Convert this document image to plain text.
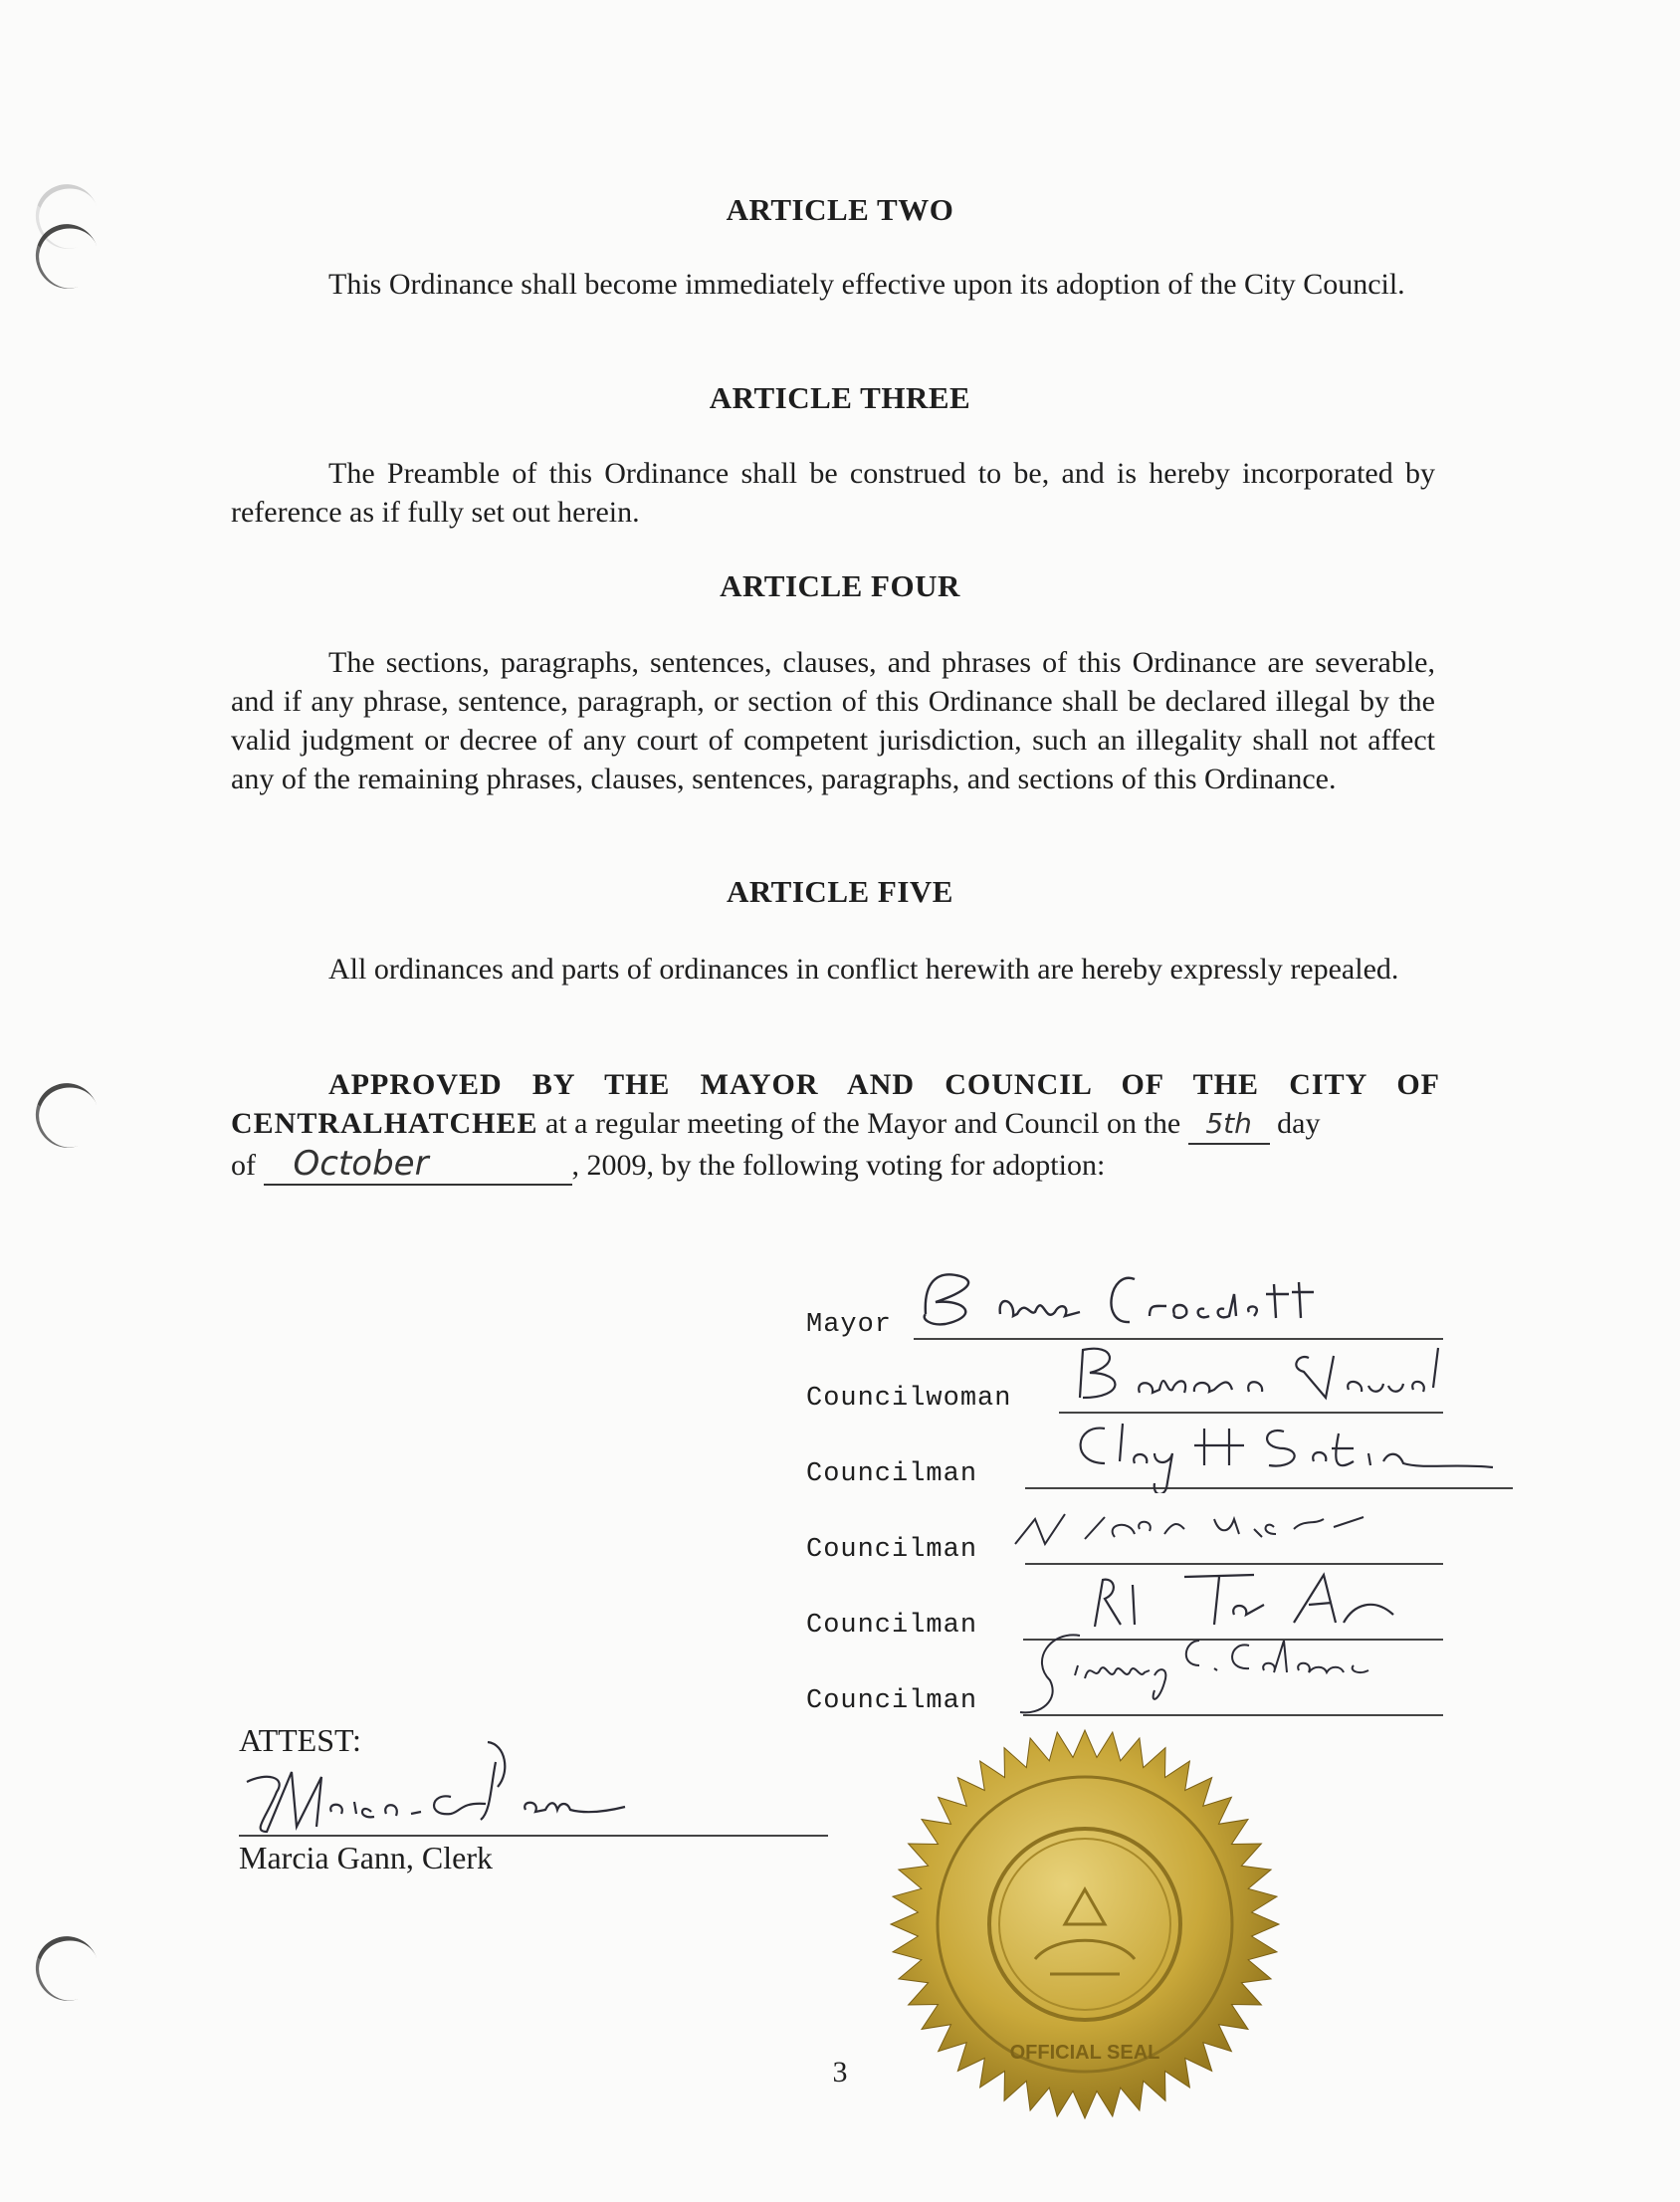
ARTICLE TWO
This Ordinance shall become immediately effective upon its adoption of the City Council.
ARTICLE THREE
The Preamble of this Ordinance shall be construed to be, and is hereby incorporated by reference as if fully set out herein.
ARTICLE FOUR
The sections, paragraphs, sentences, clauses, and phrases of this Ordinance are severable, and if any phrase, sentence, paragraph, or section of this Ordinance shall be declared illegal by the valid judgment or decree of any court of competent jurisdiction, such an illegality shall not affect any of the remaining phrases, clauses, sentences, paragraphs, and sections of this Ordinance.
ARTICLE FIVE
All ordinances and parts of ordinances in conflict herewith are hereby expressly repealed.
APPROVED BY THE MAYOR AND COUNCIL OF THE CITY OF CENTRALHATCHEE at a regular meeting of the Mayor and Council on the 5th day
of October	, 2009, by the following voting for adoption:
Mayor
Councilwoman
Councilman
Councilman
Councilman
Councilman
ATTEST:
Marcia Gann, Clerk
OFFICIAL SEAL
3
